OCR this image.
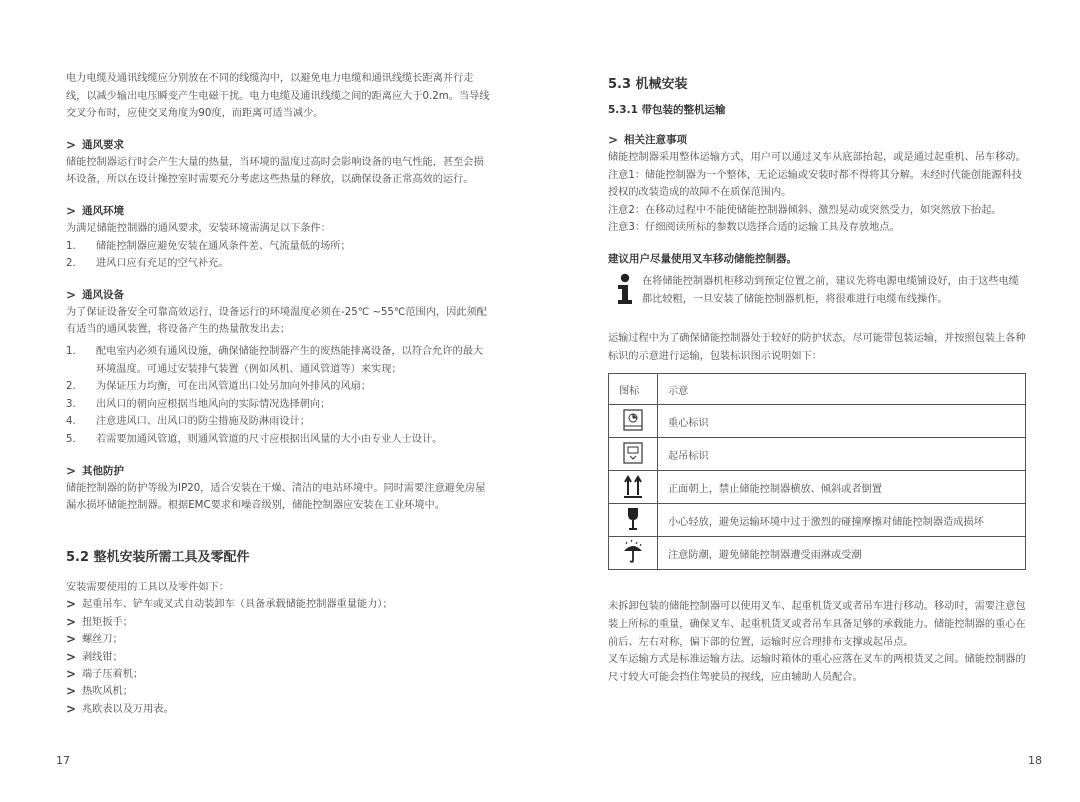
电力电缆及通讯线缆应分别放在不同的线缆沟中，以避免电力电缆和通讯线缆长距离并行走线，以减少输出电压瞬变产生电磁干扰。电力电缆及通讯线缆之间的距离应大于0.2m。当导线交叉分布时，应使交叉角度为90度，而距离可适当减少。

> 通风要求

储能控制器运行时会产生大量的热量，当环境的温度过高时会影响设备的电气性能，甚至会损坏设备，所以在设计操控室时需要充分考虑这些热量的释放，以确保设备正常高效的运行。

> 通风环境

为满足储能控制器的通风要求，安装环境需满足以下条件：

1.	储能控制器应避免安装在通风条件差、气流量低的场所；
2.	进风口应有充足的空气补充。
> 通风设备

为了保证设备安全可靠高效运行，设备运行的环境温度必须在-25℃ ~55℃范围内，因此须配有适当的通风装置，将设备产生的热量散发出去；

1.	配电室内必须有通风设施，确保储能控制器产生的废热能排离设备，以符合允许的最大环境温度。可通过安装排气装置（例如风机、通风管道等）来实现；
2.	为保证压力均衡，可在出风管道出口处另加向外排风的风扇；
3.	出风口的朝向应根据当地风向的实际情况选择朝向；
4.	注意进风口、出风口的防尘措施及防淋雨设计；
5.	若需要加通风管道，则通风管道的尺寸应根据出风量的大小由专业人士设计。
> 其他防护

储能控制器的防护等级为IP20，适合安装在干燥、清洁的电站环境中。同时需要注意避免房屋漏水损坏储能控制器。根据EMC要求和噪音级别，储能控制器应安装在工业环境中。

5.2 整机安装所需工具及零配件

安装需要使用的工具以及零件如下：

> 起重吊车、铲车或叉式自动装卸车（具备承载储能控制器重量能力）；
> 扭矩扳手；
> 螺丝刀；
> 剥线钳；
> 端子压着机；
> 热吹风机；
> 兆欧表以及万用表。
17
5.3 机械安装
5.3.1 带包装的整机运输
> 相关注意事项

储能控制器采用整体运输方式，用户可以通过叉车从底部抬起，或是通过起重机、吊车移动。

注意1：储能控制器为一个整体，无论运输或安装时都不得将其分解。未经时代能创能源科技授权的改装造成的故障不在质保范围内。

注意2：在移动过程中不能使储能控制器倾斜、激烈晃动或突然受力，如突然放下抬起。

注意3：仔细阅读所标的参数以选择合适的运输工具及存放地点。

建议用户尽量使用叉车移动储能控制器。

在将储能控制器机柜移动到预定位置之前，建议先将电源电缆铺设好，由于这些电缆都比较粗，一旦安装了储能控制器机柜，将很难进行电缆布线操作。

运输过程中为了确保储能控制器处于较好的防护状态，尽可能带包装运输，并按照包装上各种标识的示意进行运输，包装标识图示说明如下：

图标	示意
	重心标识
	起吊标识
	正面朝上，禁止储能控制器横放、倾斜或者倒置
	小心轻放，避免运输环境中过于激烈的碰撞摩擦对储能控制器造成损坏
	注意防潮，避免储能控制器遭受雨淋或受潮

未拆卸包装的储能控制器可以使用叉车、起重机货叉或者吊车进行移动。移动时，需要注意包装上所标的重量，确保叉车、起重机货叉或者吊车具备足够的承载能力。储能控制器的重心在前后、左右对称，偏下部的位置，运输时应合理排布支撑或起吊点。

叉车运输方式是标准运输方法。运输时箱体的重心应落在叉车的两根货叉之间。储能控制器的尺寸较大可能会挡住驾驶员的视线，应由辅助人员配合。

18
